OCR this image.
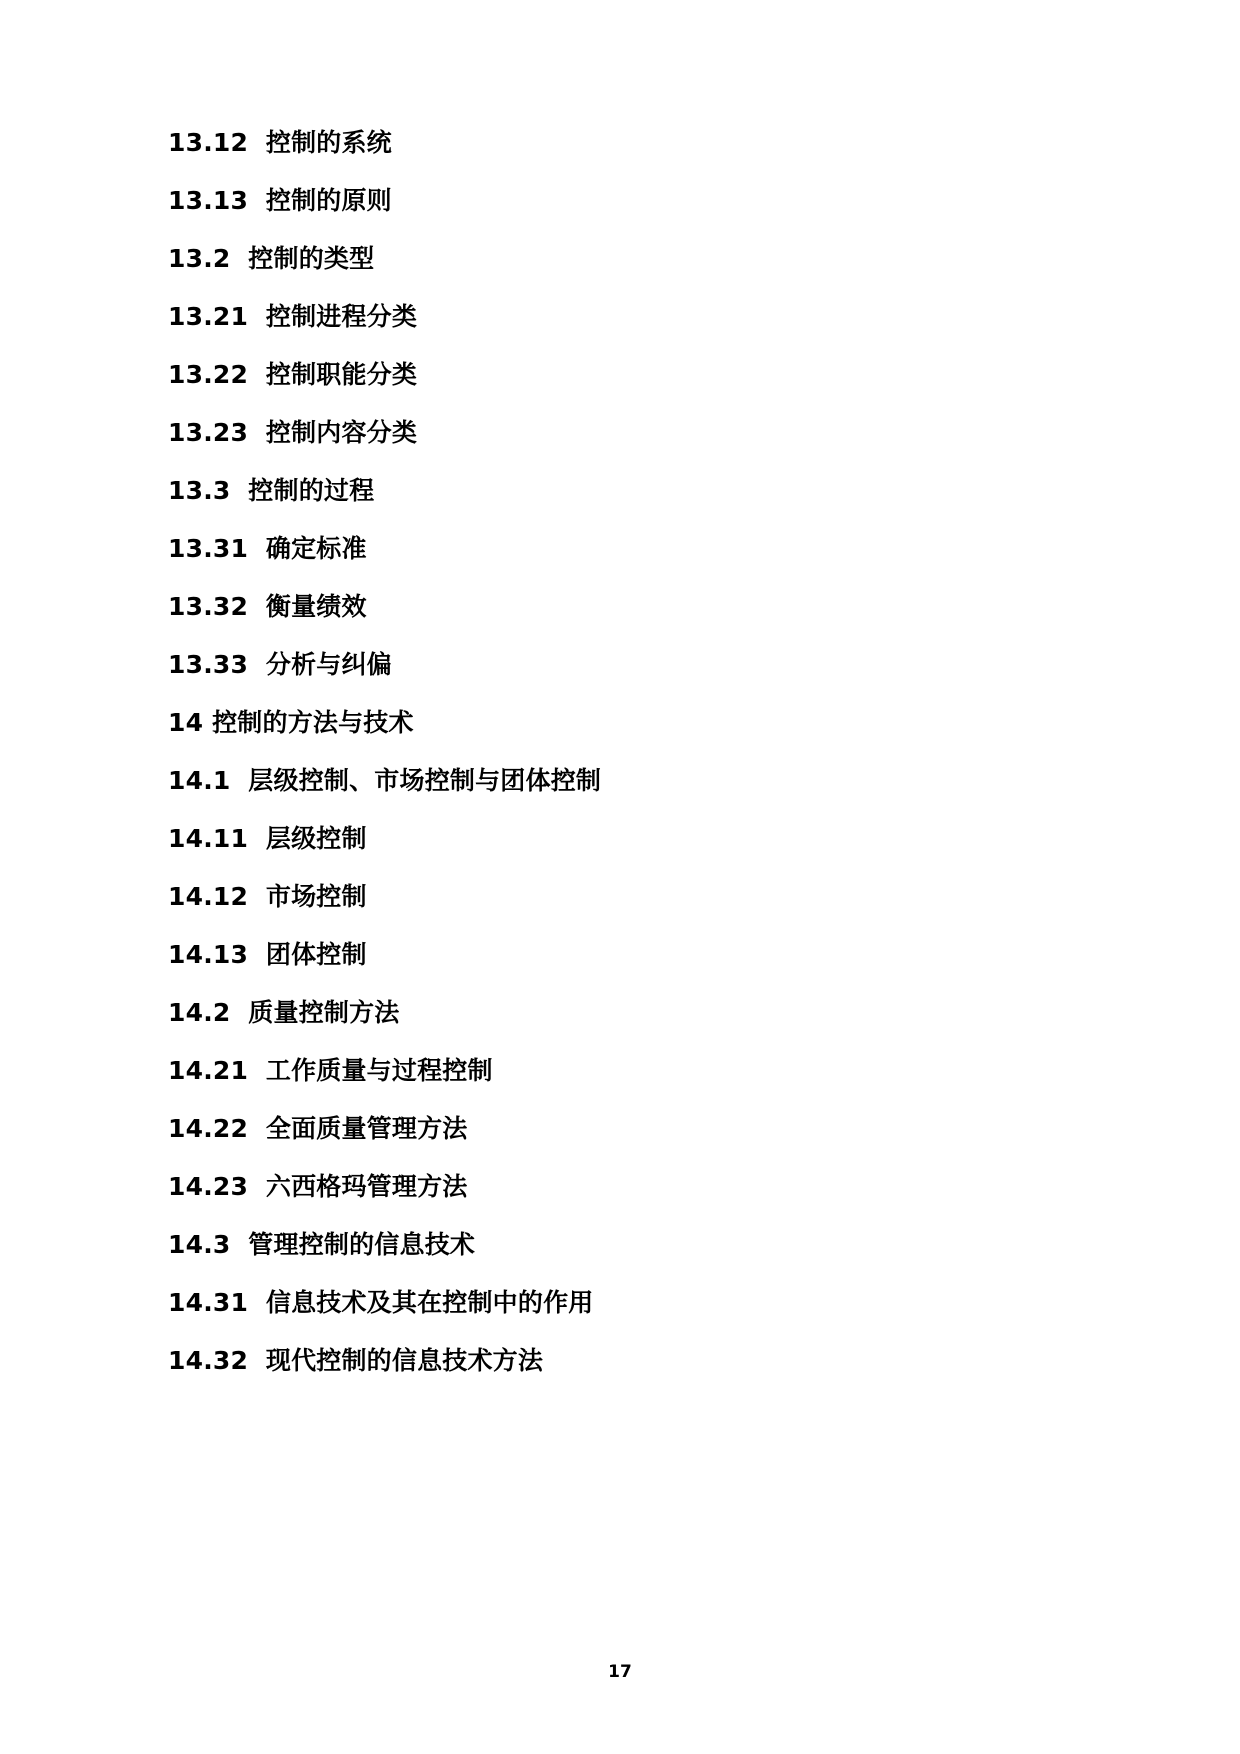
13.12  控制的系统
13.13  控制的原则
13.2  控制的类型
13.21  控制进程分类
13.22  控制职能分类
13.23  控制内容分类
13.3  控制的过程
13.31  确定标准
13.32  衡量绩效
13.33  分析与纠偏
14 控制的方法与技术
14.1  层级控制、市场控制与团体控制
14.11  层级控制
14.12  市场控制
14.13  团体控制
14.2  质量控制方法
14.21  工作质量与过程控制
14.22  全面质量管理方法
14.23  六西格玛管理方法
14.3  管理控制的信息技术
14.31  信息技术及其在控制中的作用
14.32  现代控制的信息技术方法
17
